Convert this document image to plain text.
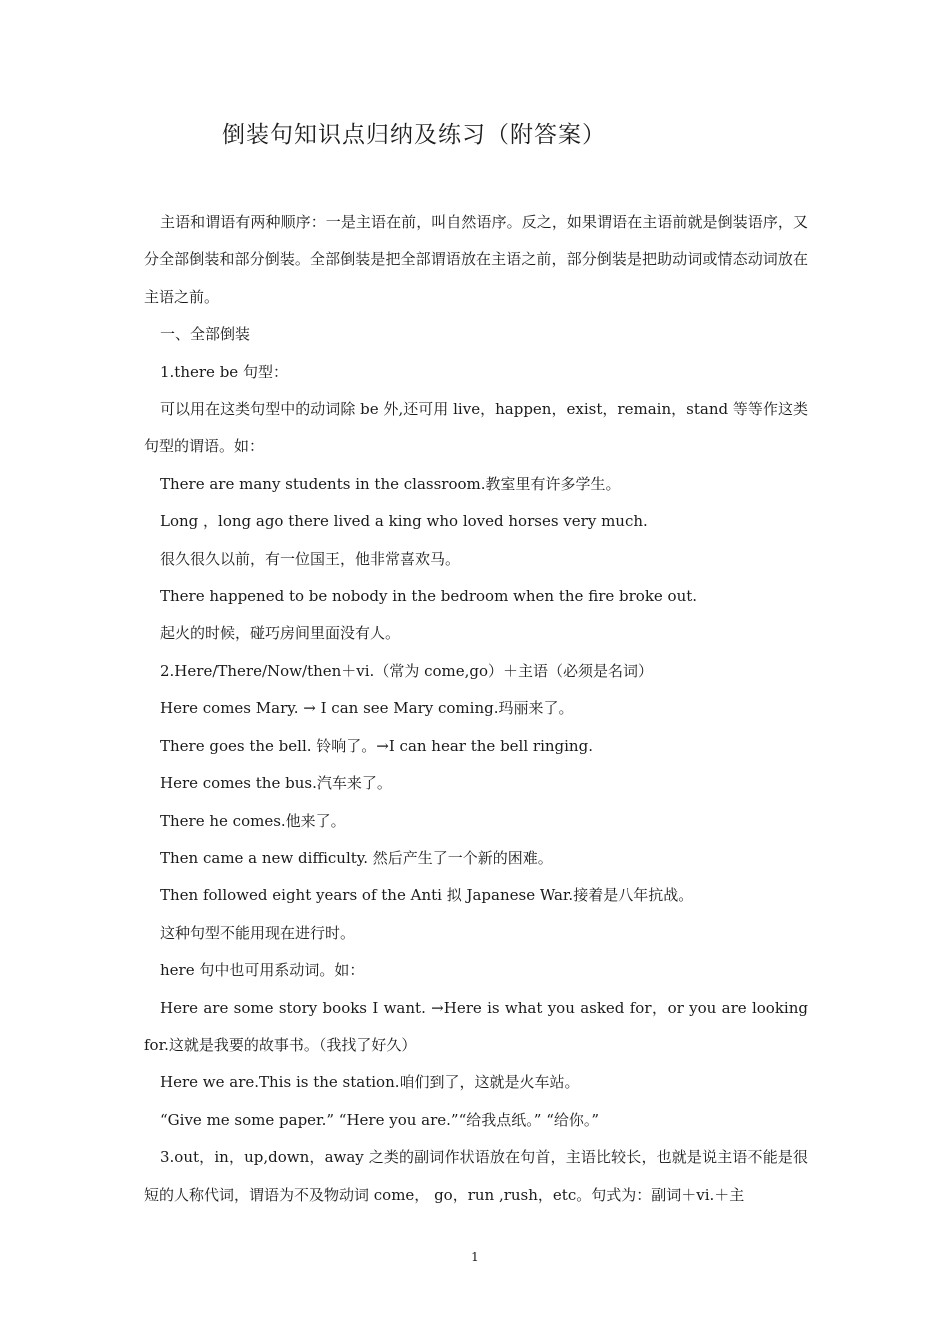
倒装句知识点归纳及练习（附答案）

主语和谓语有两种顺序：一是主语在前，叫自然语序。反之，如果谓语在主语前就是倒装语序，又分全部倒装和部分倒装。全部倒装是把全部谓语放在主语之前，部分倒装是把助动词或情态动词放在主语之前。

一、全部倒装

1.there be 句型：

可以用在这类句型中的动词除 be 外,还可用 live，happen，exist，remain，stand 等等作这类句型的谓语。如：

There are many students in the classroom.教室里有许多学生。

Long ，long ago there lived a king who loved horses very much.

很久很久以前，有一位国王，他非常喜欢马。

There happened to be nobody in the bedroom when the fire broke out.

起火的时候，碰巧房间里面没有人。

2.Here/There/Now/then＋vi.（常为 come,go）＋主语（必须是名词）

Here comes Mary. → I can see Mary coming.玛丽来了。

There goes the bell. 铃响了。→I can hear the bell ringing.

Here comes the bus.汽车来了。

There he comes.他来了。

Then came a new difficulty. 然后产生了一个新的困难。

Then followed eight years of the Anti 拟 Japanese War.接着是八年抗战。

这种句型不能用现在进行时。

here 句中也可用系动词。如：

Here are some story books I want. →Here is what you asked for，or you are looking for.这就是我要的故事书。（我找了好久）

Here we are.This is the station.咱们到了，这就是火车站。

“Give me some paper.” “Here you are.”“给我点纸。” “给你。”

3.out，in，up,down，away 之类的副词作状语放在句首，主语比较长，也就是说主语不能是很短的人称代词，谓语为不及物动词 come， go，run ,rush，etc。句式为：副词＋vi.＋主

1
